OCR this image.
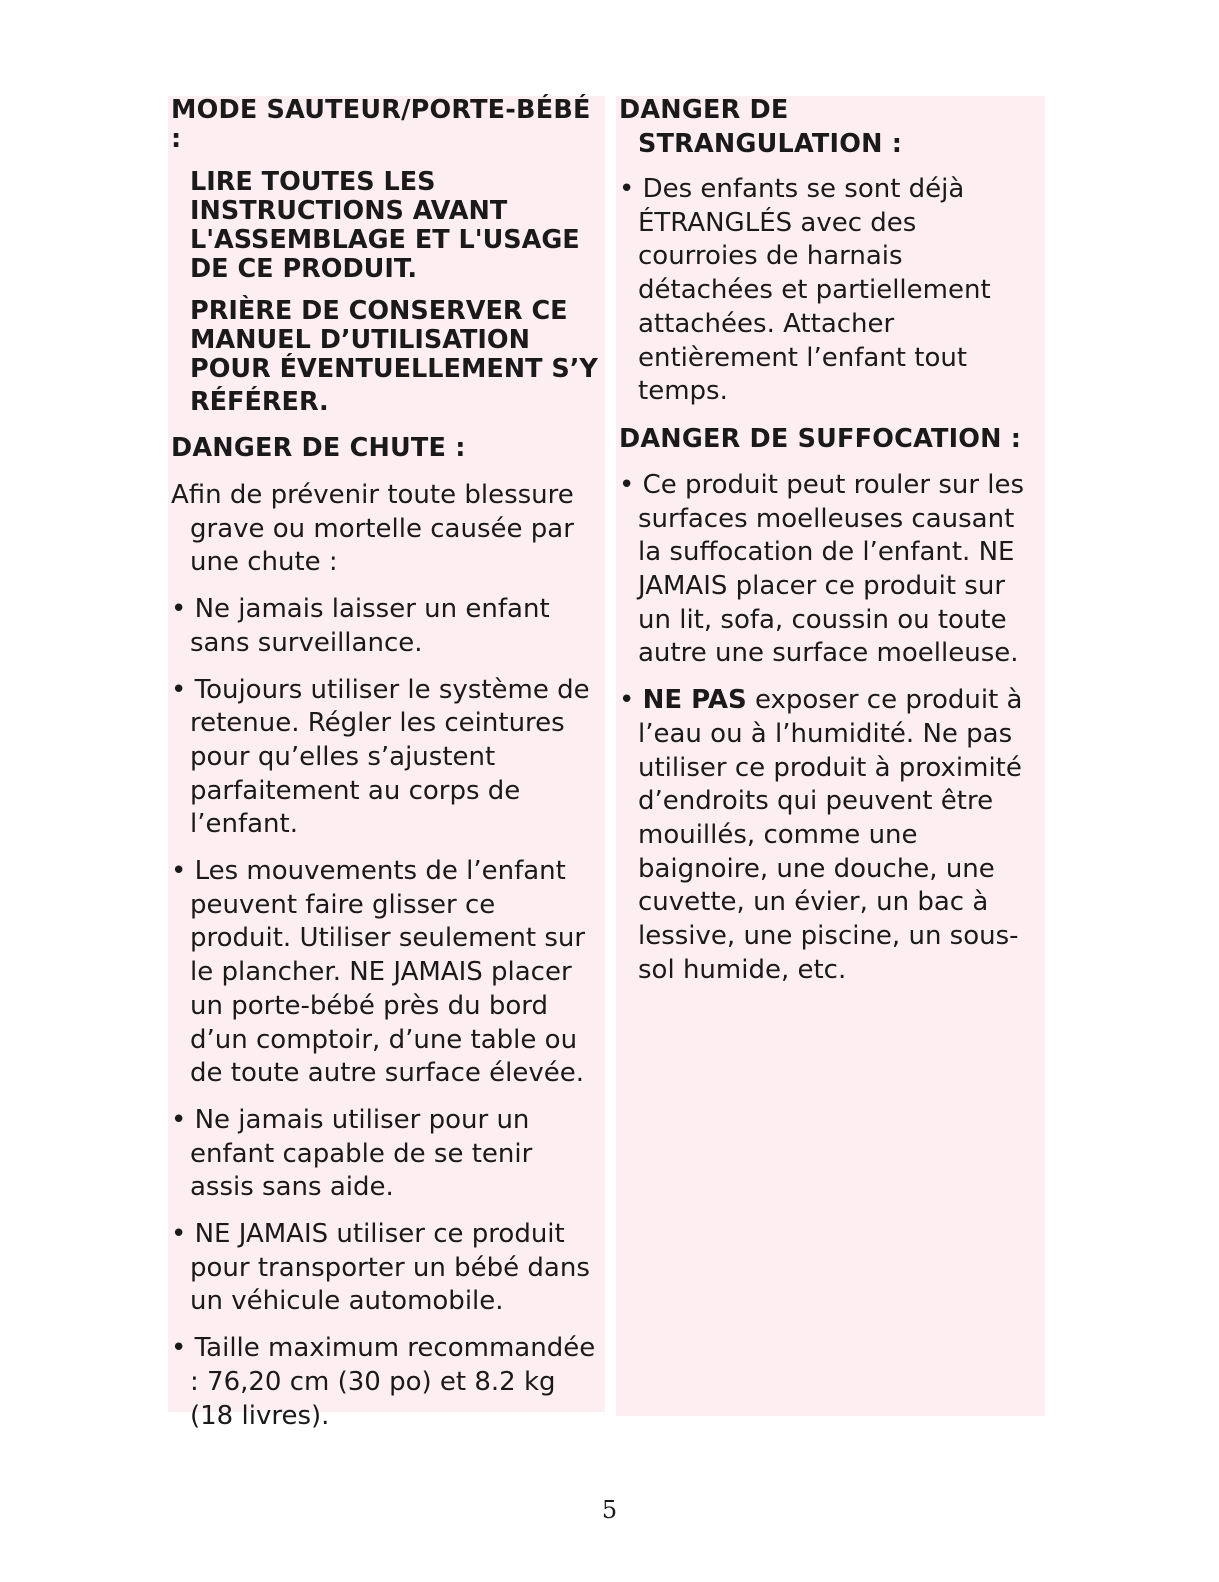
MODE SAUTEUR/PORTE-BÉBÉ :

LIRE TOUTES LES
INSTRUCTIONS AVANT
L'ASSEMBLAGE ET L'USAGE
DE CE PRODUIT.

PRIÈRE DE CONSERVER CE
MANUEL D’UTILISATION
POUR ÉVENTUELLEMENT S’Y
RÉFÉRER.

DANGER DE CHUTE :

Afin de prévenir toute blessure grave ou mortelle causée par une chute :

• Ne jamais laisser un enfant sans surveillance.

• Toujours utiliser le système de retenue. Régler les ceintures pour qu’elles s’ajustent parfaitement au corps de l’enfant.

• Les mouvements de l’enfant peuvent faire glisser ce produit. Utiliser seulement sur le plancher. NE JAMAIS placer un porte-bébé près du bord d’un comptoir, d’une table ou de toute autre surface élevée.

• Ne jamais utiliser pour un enfant capable de se tenir assis sans aide.

• NE JAMAIS utiliser ce produit pour transporter un bébé dans un véhicule automobile.

• Taille maximum recommandée : 76,20 cm (30 po) et 8.2 kg (18 livres).

DANGER DE

STRANGULATION :

• Des enfants se sont déjà ÉTRANGLÉS avec des courroies de harnais détachées et partiellement attachées. Attacher entièrement l’enfant tout temps.

DANGER DE SUFFOCATION :

• Ce produit peut rouler sur les surfaces moelleuses causant la suffocation de l’enfant. NE JAMAIS placer ce produit sur un lit, sofa, coussin ou toute autre une surface moelleuse.

• NE PAS exposer ce produit à l’eau ou à l’humidité. Ne pas utiliser ce produit à proximité d’endroits qui peuvent être mouillés, comme une baignoire, une douche, une cuvette, un évier, un bac à lessive, une piscine, un sous-sol humide, etc.

5
